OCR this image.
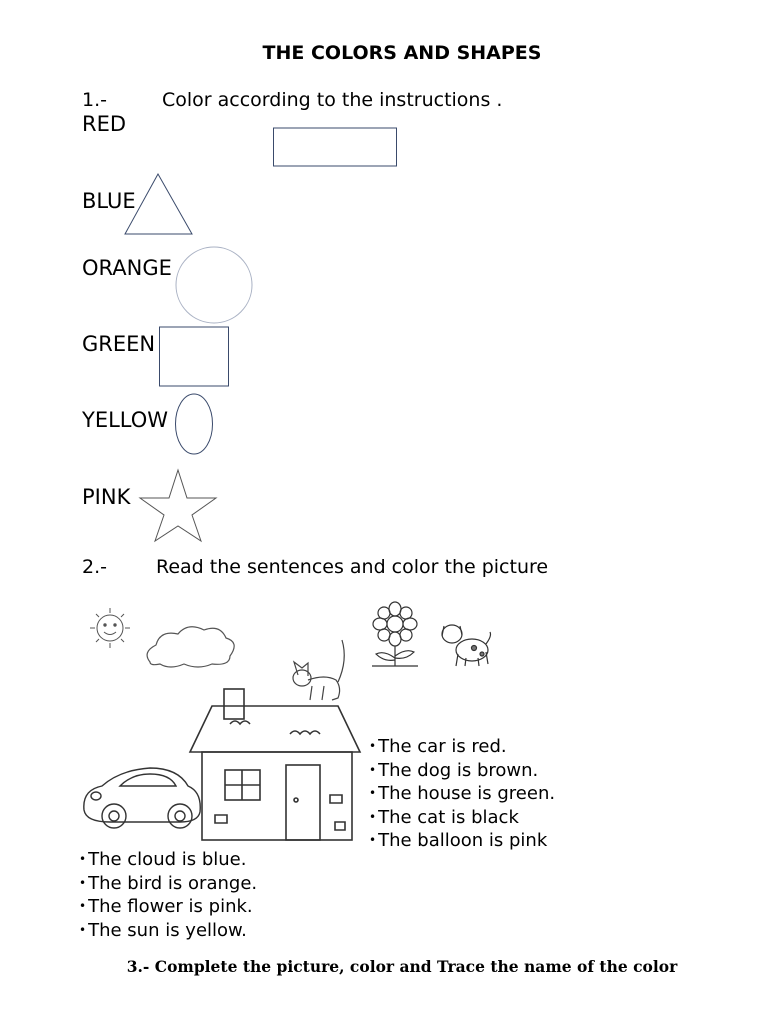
THE COLORS AND SHAPES
1.-	Color according to the instructions .
RED
BLUE
ORANGE
GREEN
YELLOW
PINK
2.-	Read the sentences and color the picture
• The car is red.
• The dog is brown.
• The house is green.
• The cat is black
• The balloon is pink
• The cloud is blue.
• The bird is orange.
• The flower is pink.
• The sun is yellow.
3.- Complete the picture, color and Trace the name of the color
